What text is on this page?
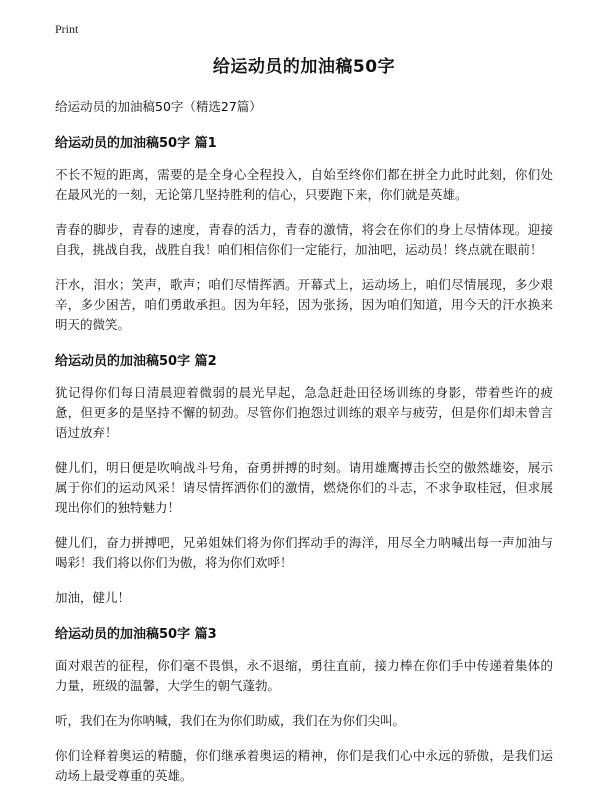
Print
给运动员的加油稿50字
给运动员的加油稿50字（精选27篇）
给运动员的加油稿50字 篇1

不长不短的距离，需要的是全身心全程投入，自始至终你们都在拼全力此时此刻，你们处在最风光的一刻，无论第几坚持胜利的信心，只要跑下来，你们就是英雄。

青春的脚步，青春的速度，青春的活力，青春的激情，将会在你们的身上尽情体现。迎接自我，挑战自我，战胜自我！咱们相信你们一定能行，加油吧，运动员！终点就在眼前！

汗水，泪水；笑声，歌声；咱们尽情挥洒。开幕式上，运动场上，咱们尽情展现，多少艰辛，多少困苦，咱们勇敢承担。因为年轻，因为张扬，因为咱们知道，用今天的汗水换来明天的微笑。

给运动员的加油稿50字 篇2

犹记得你们每日清晨迎着微弱的晨光早起，急急赶赴田径场训练的身影，带着些许的疲惫，但更多的是坚持不懈的韧劲。尽管你们抱怨过训练的艰辛与疲劳，但是你们却未曾言语过放弃！

健儿们，明日便是吹响战斗号角，奋勇拼搏的时刻。请用雄鹰搏击长空的傲然雄姿，展示属于你们的运动风采！请尽情挥洒你们的激情，燃烧你们的斗志，不求争取桂冠，但求展现出你们的独特魅力！

健儿们，奋力拼搏吧，兄弟姐妹们将为你们挥动手的海洋，用尽全力呐喊出每一声加油与喝彩！我们将以你们为傲，将为你们欢呼！

加油，健儿！

给运动员的加油稿50字 篇3

面对艰苦的征程，你们毫不畏惧，永不退缩，勇往直前，接力棒在你们手中传递着集体的力量，班级的温馨，大学生的朝气蓬勃。

听，我们在为你呐喊，我们在为你们助威，我们在为你们尖叫。

你们诠释着奥运的精髓，你们继承着奥运的精神，你们是我们心中永远的骄傲，是我们运动场上最受尊重的英雄。
